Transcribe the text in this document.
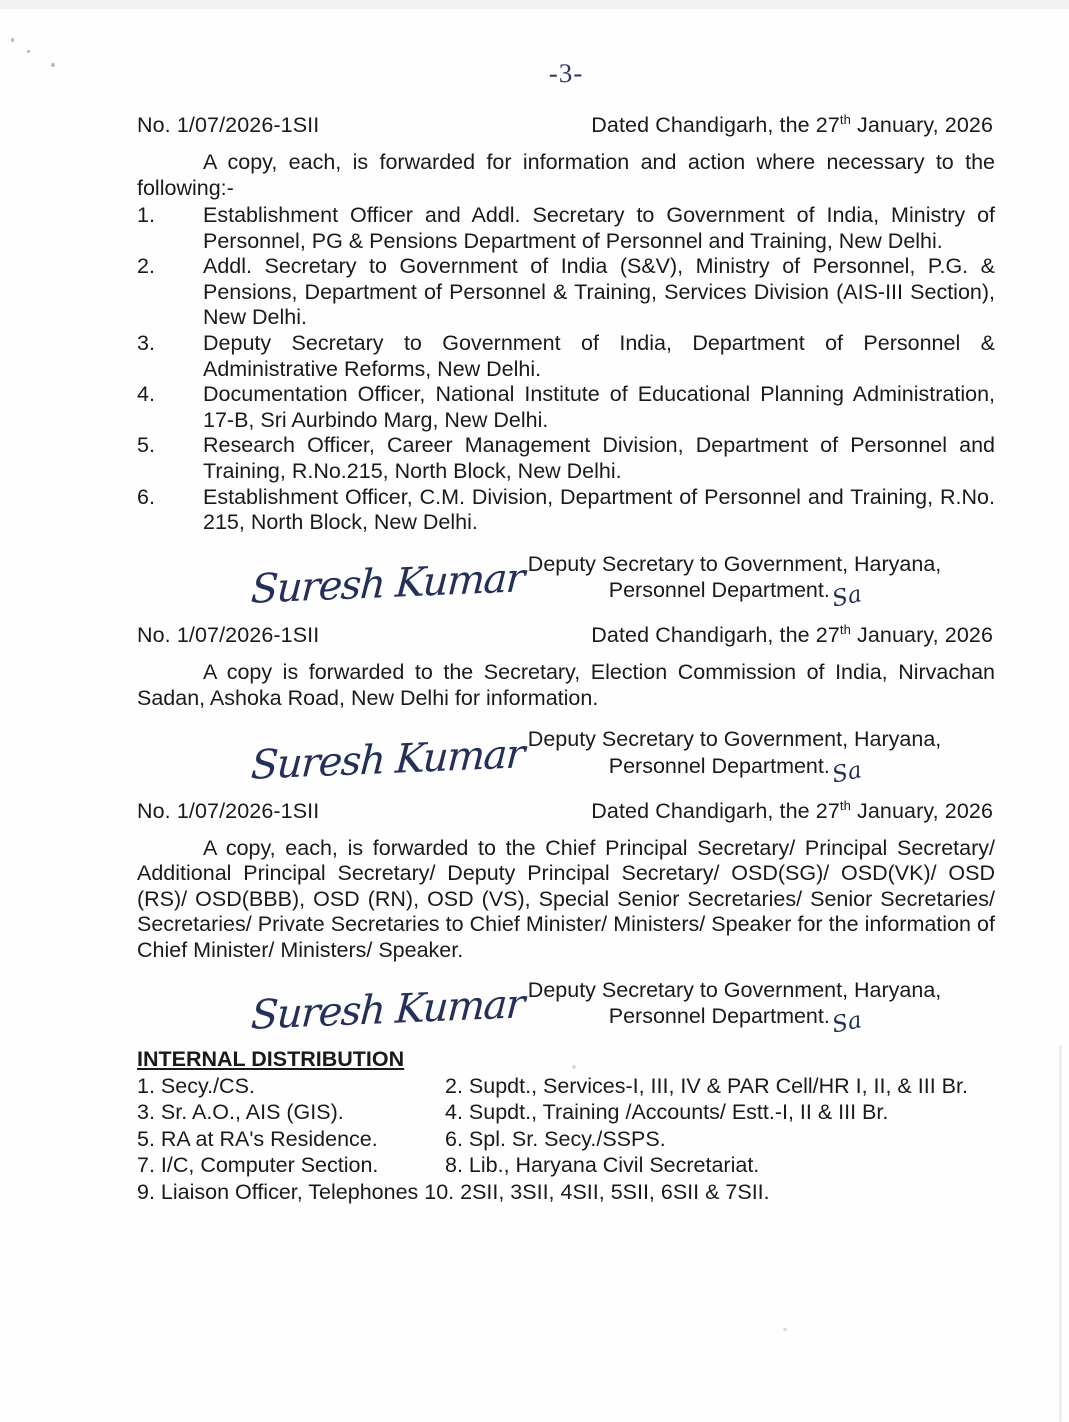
-3-
No. 1/07/2026-1SII	Dated Chandigarh, the 27th January, 2026

A copy, each, is forwarded for information and action where necessary to the following:-

1.	Establishment Officer and Addl. Secretary to Government of India, Ministry of Personnel, PG & Pensions Department of Personnel and Training, New Delhi.
2.	Addl. Secretary to Government of India (S&V), Ministry of Personnel, P.G. & Pensions, Department of Personnel & Training, Services Division (AIS-III Section), New Delhi.
3.	Deputy Secretary to Government of India, Department of Personnel & Administrative Reforms, New Delhi.
4.	Documentation Officer, National Institute of Educational Planning Administration, 17-B, Sri Aurbindo Marg, New Delhi.
5.	Research Officer, Career Management Division, Department of Personnel and Training, R.No.215, North Block, New Delhi.
6.	Establishment Officer, C.M. Division, Department of Personnel and Training, R.No. 215, North Block, New Delhi.
Suresh Kumar Deputy Secretary to Government, Haryana,
Personnel Department.Sa
No. 1/07/2026-1SII	Dated Chandigarh, the 27th January, 2026

A copy is forwarded to the Secretary, Election Commission of India, Nirvachan Sadan, Ashoka Road, New Delhi for information.

Suresh Kumar Deputy Secretary to Government, Haryana,
Personnel Department.Sa
No. 1/07/2026-1SII	Dated Chandigarh, the 27th January, 2026

A copy, each, is forwarded to the Chief Principal Secretary/ Principal Secretary/ Additional Principal Secretary/ Deputy Principal Secretary/ OSD(SG)/ OSD(VK)/ OSD (RS)/ OSD(BBB), OSD (RN), OSD (VS), Special Senior Secretaries/ Senior Secretaries/ Secretaries/ Private Secretaries to Chief Minister/ Ministers/ Speaker for the information of Chief Minister/ Ministers/ Speaker.

Suresh Kumar Deputy Secretary to Government, Haryana,
Personnel Department.Sa
INTERNAL DISTRIBUTION
1. Secy./CS.	2. Supdt., Services-I, III, IV & PAR Cell/HR I, II, & III Br.
3. Sr. A.O., AIS (GIS).	4. Supdt., Training /Accounts/ Estt.-I, II & III Br.
5. RA at RA's Residence.	6. Spl. Sr. Secy./SSPS.
7. I/C, Computer Section.	8. Lib., Haryana Civil Secretariat.
9. Liaison Officer, Telephones 10. 2SII, 3SII, 4SII, 5SII, 6SII & 7SII.
